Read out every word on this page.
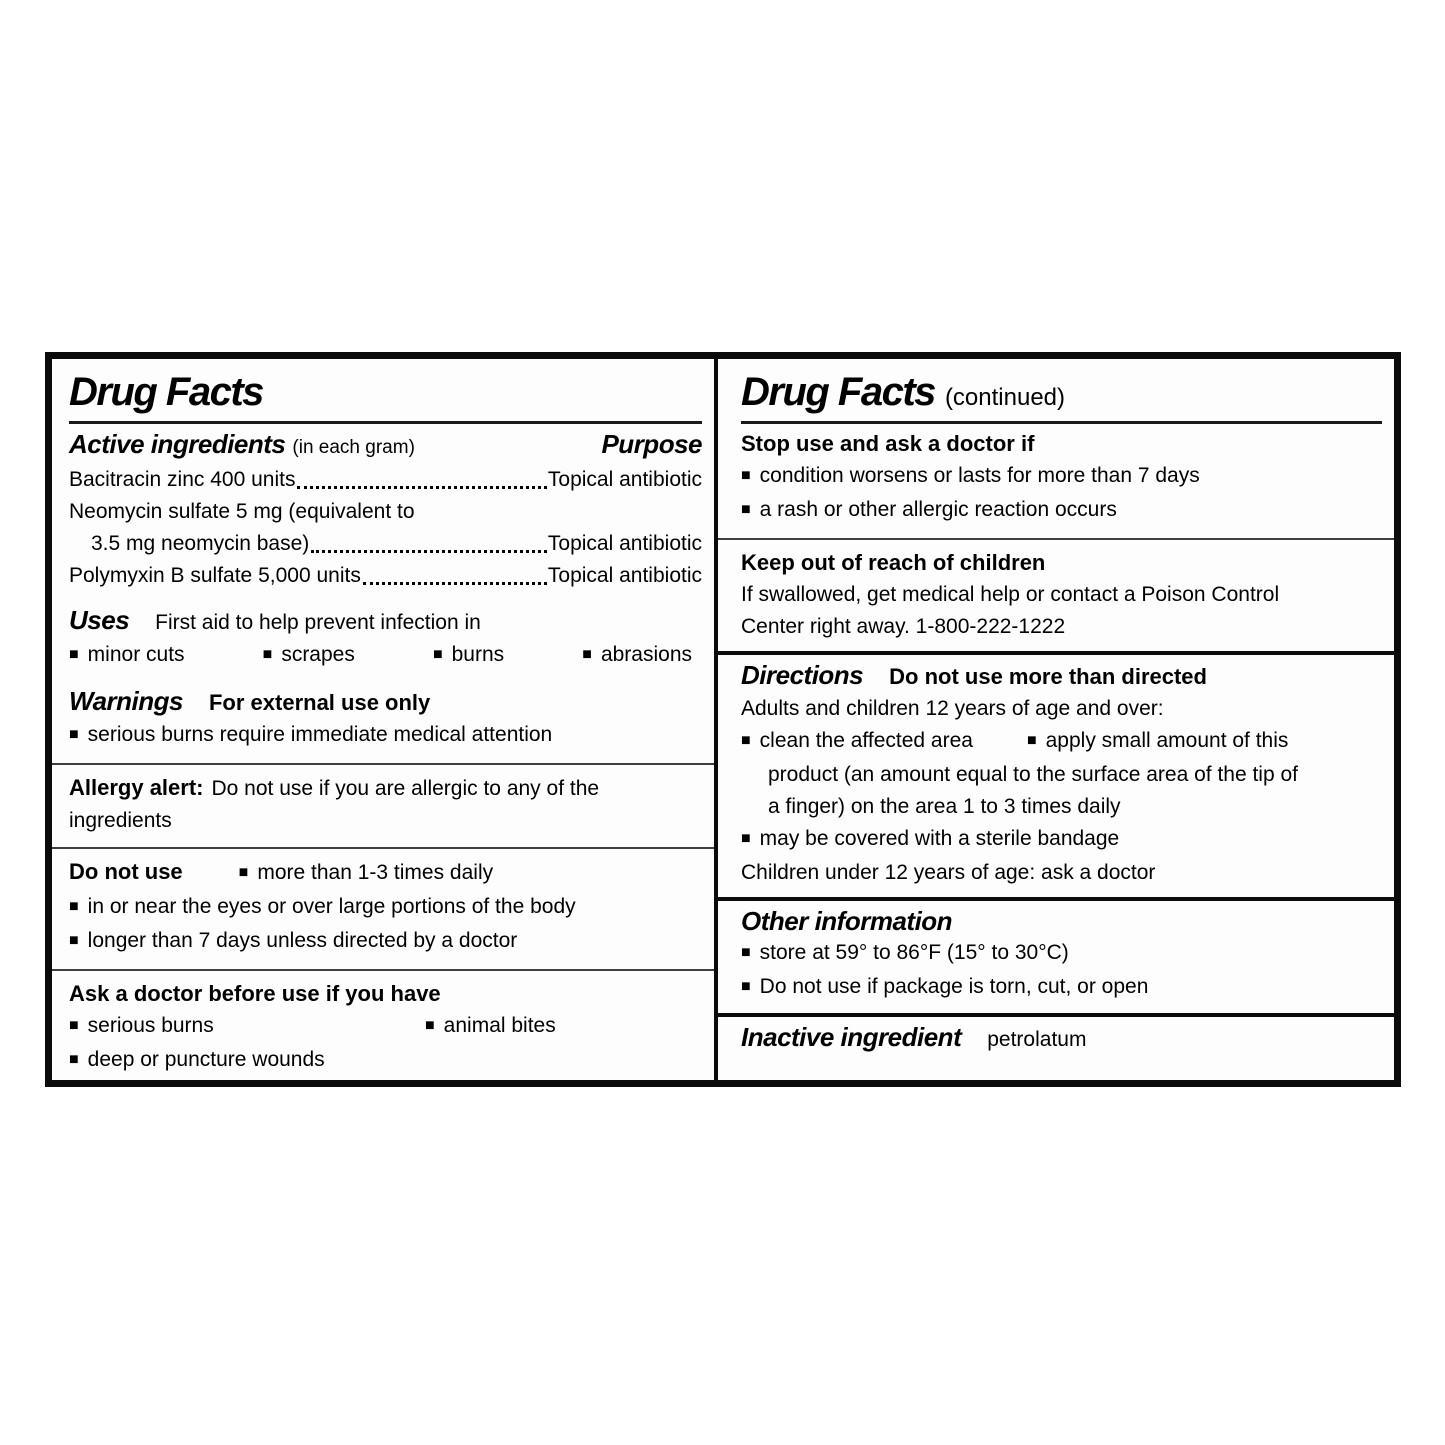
Drug Facts
Active ingredients (in each gram)	Purpose
Bacitracin zinc 400 units	Topical antibiotic
Neomycin sulfate 5 mg (equivalent to
3.5 mg neomycin base)	Topical antibiotic
Polymyxin B sulfate 5,000 units	Topical antibiotic
Uses First aid to help prevent infection in
■ minor cuts	■ scrapes	■ burns	■ abrasions
Warnings For external use only
■ serious burns require immediate medical attention
Allergy alert: Do not use if you are allergic to any of the
ingredients
Do not use	■ more than 1-3 times daily
■ in or near the eyes or over large portions of the body
■ longer than 7 days unless directed by a doctor
Ask a doctor before use if you have
■ serious burns	■ animal bites
■ deep or puncture wounds
Drug Facts (continued)
Stop use and ask a doctor if
■ condition worsens or lasts for more than 7 days
■ a rash or other allergic reaction occurs
Keep out of reach of children
If swallowed, get medical help or contact a Poison Control
Center right away. 1-800-222-1222
Directions Do not use more than directed
Adults and children 12 years of age and over:
■ clean the affected area	■ apply small amount of this
product (an amount equal to the surface area of the tip of
a finger) on the area 1 to 3 times daily
■ may be covered with a sterile bandage
Children under 12 years of age: ask a doctor
Other information
■ store at 59° to 86°F (15° to 30°C)
■ Do not use if package is torn, cut, or open
Inactive ingredient petrolatum
